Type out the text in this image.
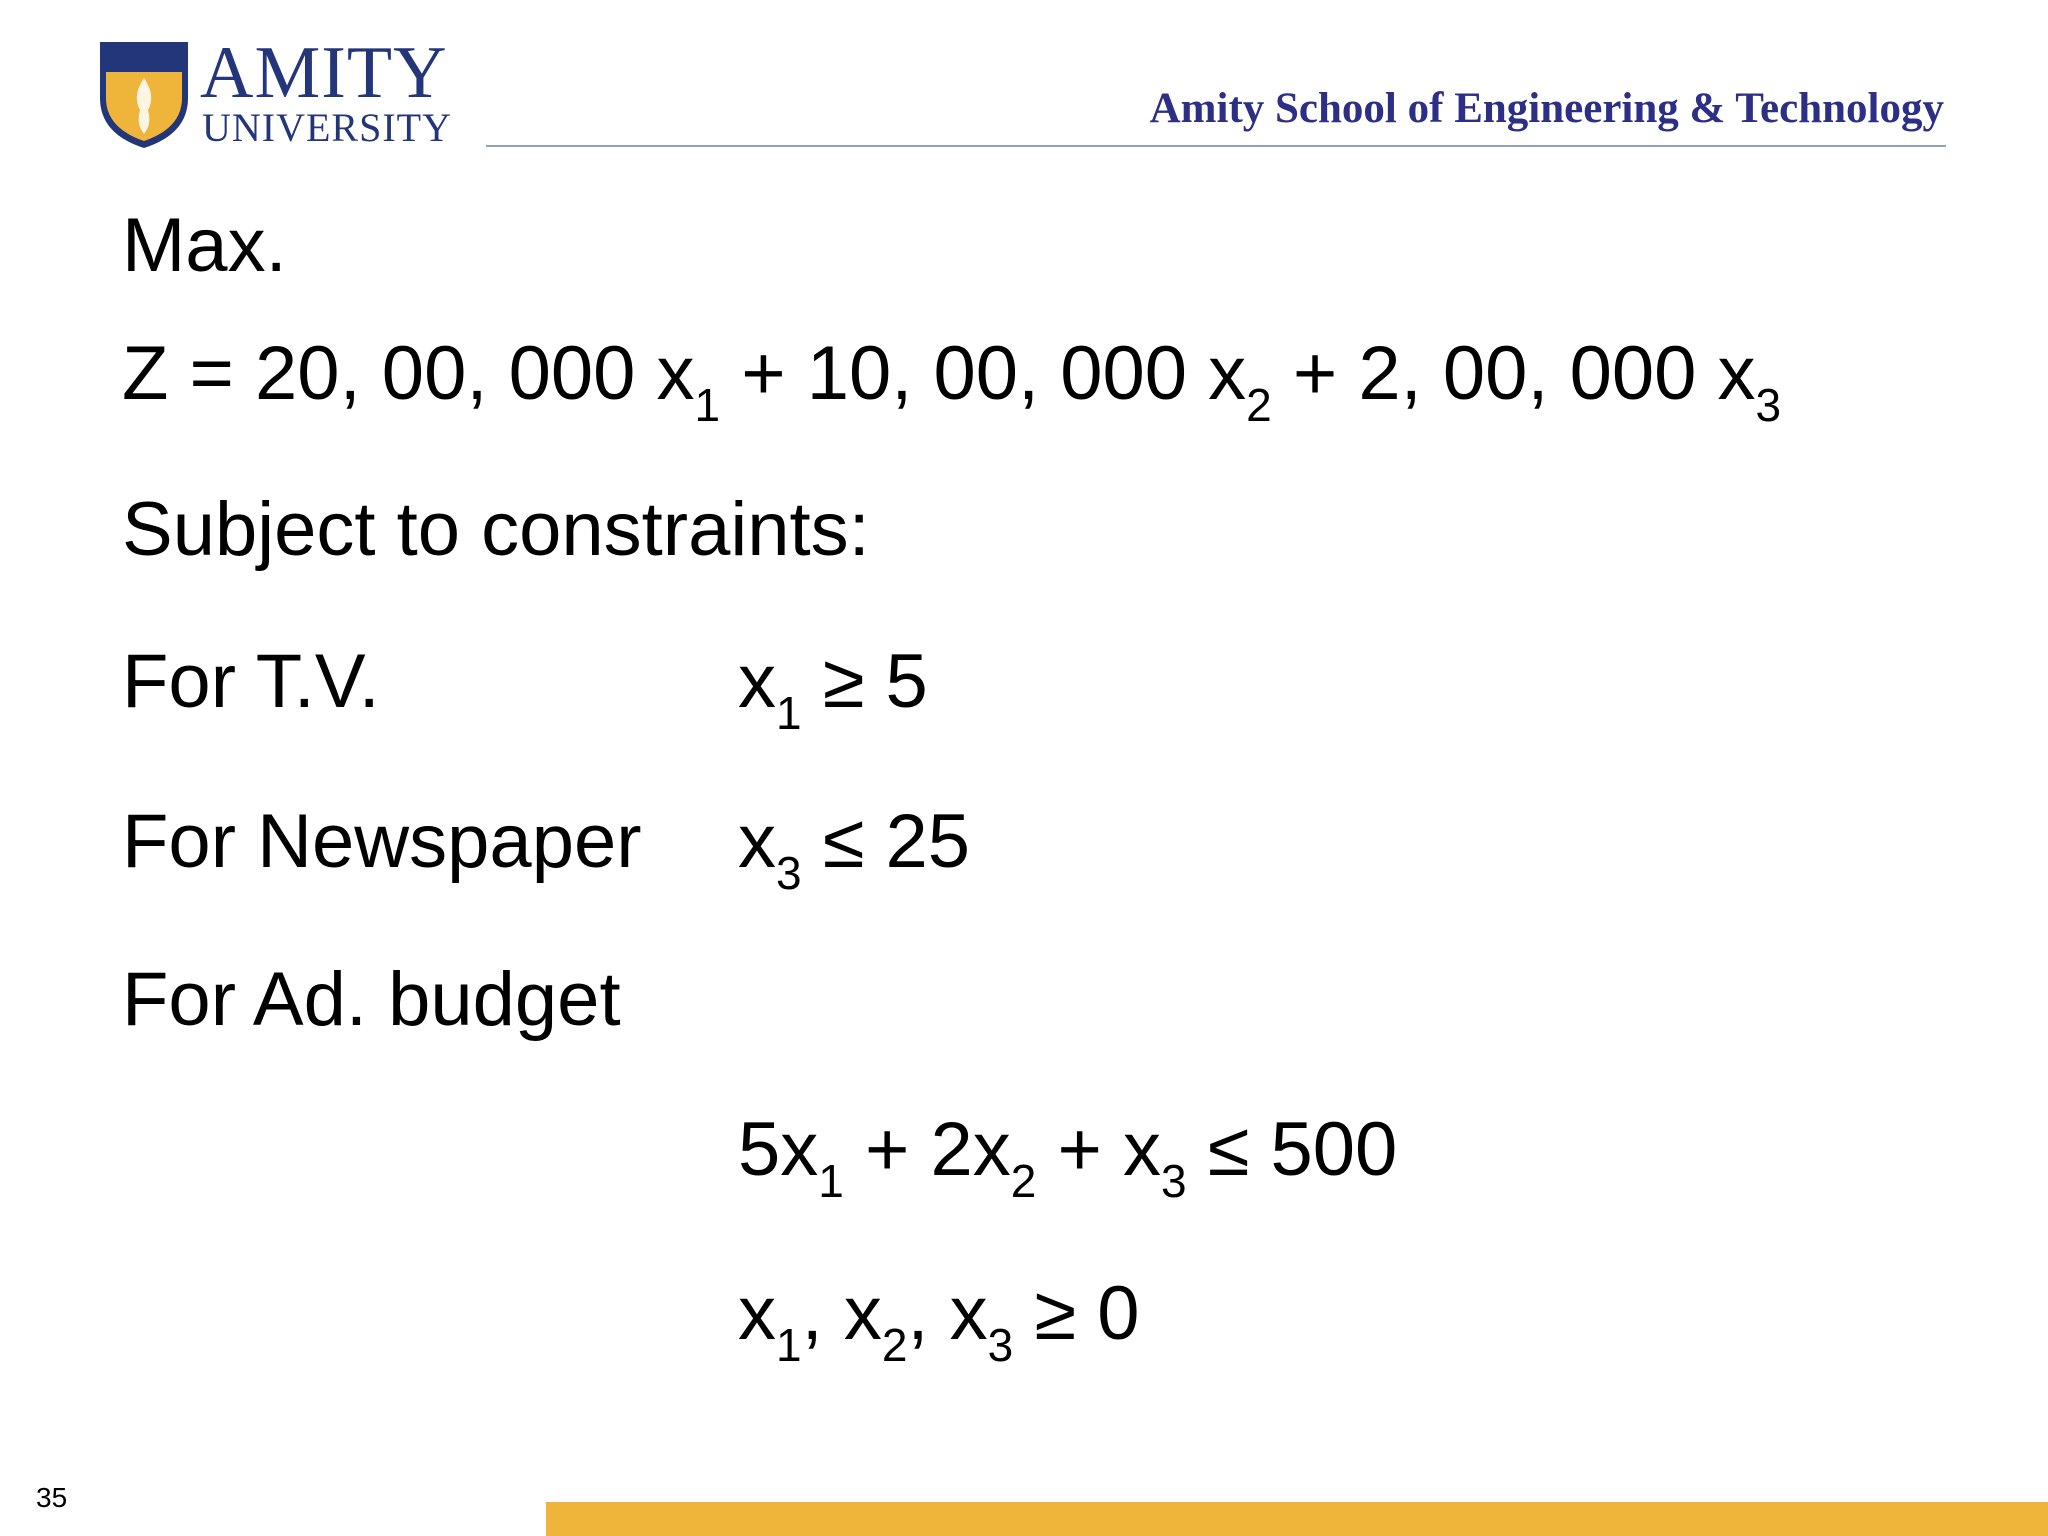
AMITY
UNIVERSITY	Amity School of Engineering & Technology
Max.
Z = 20, 00, 000 $x_1 + 10$, 00, 000 $x_2 + 2$, 00, 000 $x_3$
Subject to constraints:
For T.V.	$x_1 \ge 5$
For Newspaper $x_3 \le 25$
For Ad. budget
$5x_1 + 2x_2 + x_3 \le 500$
$x_1$, $x_2$, $x_3 \ge 0$
35
